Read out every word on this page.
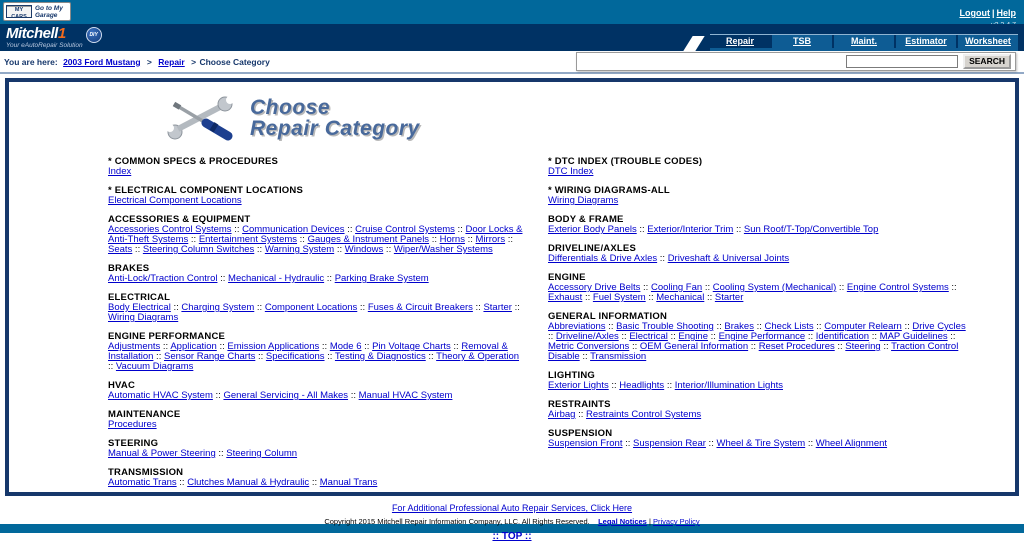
MY CARS
Go to My
Garage	Logout | Help
Mitchell1
Your eAutoRepair Solution
DIY
Repair	TSB	Maint.	Estimator	Worksheet
You are here: 2003 Ford Mustang > Repair > Choose Category	SEARCH
Choose
Repair Category
* COMMON SPECS & PROCEDURES
Index
* ELECTRICAL COMPONENT LOCATIONS
Electrical Component Locations
ACCESSORIES & EQUIPMENT
Accessories Control Systems :: Communication Devices :: Cruise Control Systems :: Door Locks & Anti-Theft Systems :: Entertainment Systems :: Gauges & Instrument Panels :: Horns :: Mirrors :: Seats :: Steering Column Switches :: Warning System :: Windows :: Wiper/Washer Systems
BRAKES
Anti-Lock/Traction Control :: Mechanical - Hydraulic :: Parking Brake System
ELECTRICAL
Body Electrical :: Charging System :: Component Locations :: Fuses & Circuit Breakers :: Starter :: Wiring Diagrams
ENGINE PERFORMANCE
Adjustments :: Application :: Emission Applications :: Mode 6 :: Pin Voltage Charts :: Removal & Installation :: Sensor Range Charts :: Specifications :: Testing & Diagnostics :: Theory & Operation :: Vacuum Diagrams
HVAC
Automatic HVAC System :: General Servicing - All Makes :: Manual HVAC System
MAINTENANCE
Procedures
STEERING
Manual & Power Steering :: Steering Column
TRANSMISSION
Automatic Trans :: Clutches Manual & Hydraulic :: Manual Trans
* DTC INDEX (TROUBLE CODES)
DTC Index
* WIRING DIAGRAMS-ALL
Wiring Diagrams
BODY & FRAME
Exterior Body Panels :: Exterior/Interior Trim :: Sun Roof/T-Top/Convertible Top
DRIVELINE/AXLES
Differentials & Drive Axles :: Driveshaft & Universal Joints
ENGINE
Accessory Drive Belts :: Cooling Fan :: Cooling System (Mechanical) :: Engine Control Systems :: Exhaust :: Fuel System :: Mechanical :: Starter
GENERAL INFORMATION
Abbreviations :: Basic Trouble Shooting :: Brakes :: Check Lists :: Computer Relearn :: Drive Cycles :: Driveline/Axles :: Electrical :: Engine :: Engine Performance :: Identification :: MAP Guidelines :: Metric Conversions :: OEM General Information :: Reset Procedures :: Steering :: Traction Control Disable :: Transmission
LIGHTING
Exterior Lights :: Headlights :: Interior/Illumination Lights
RESTRAINTS
Airbag :: Restraints Control Systems
SUSPENSION
Suspension Front :: Suspension Rear :: Wheel & Tire System :: Wheel Alignment
For Additional Professional Auto Repair Services, Click Here
Copyright 2015 Mitchell Repair Information Company, LLC. All Rights Reserved. Legal Notices | Privacy Policy
:: TOP ::
